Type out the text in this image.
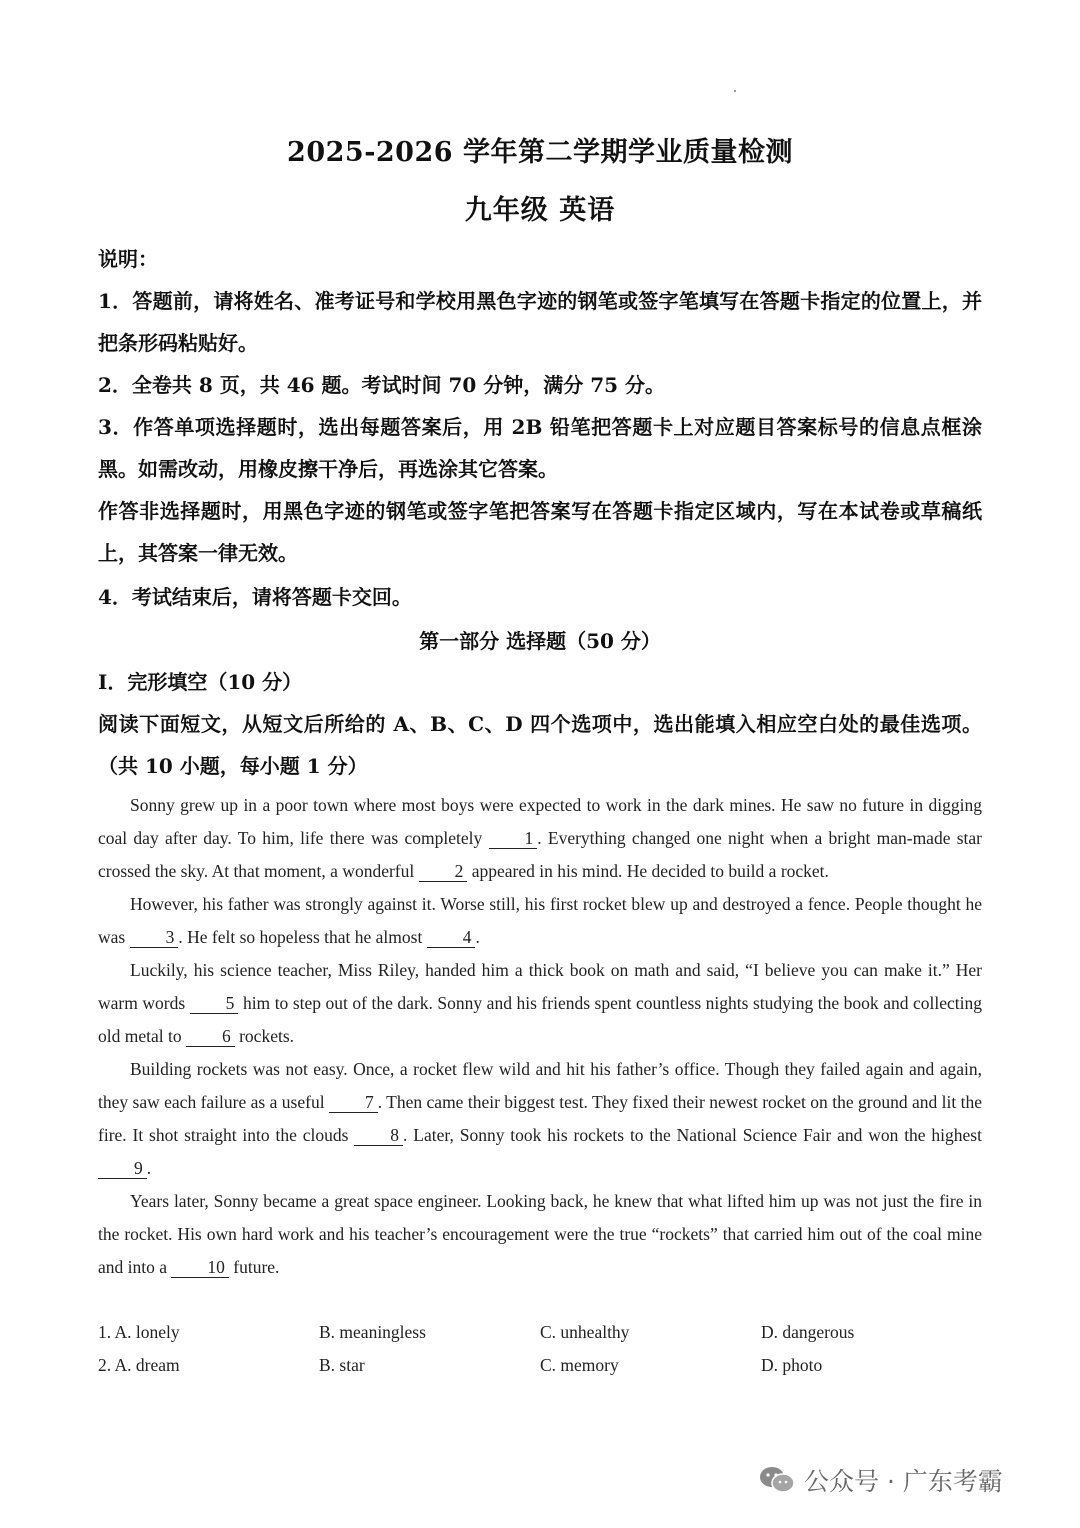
2025-2026 学年第二学期学业质量检测
九年级 英语
说明：
1．答题前，请将姓名、准考证号和学校用黑色字迹的钢笔或签字笔填写在答题卡指定的位置上，并把条形码粘贴好。
2．全卷共 8 页，共 46 题。考试时间 70 分钟，满分 75 分。
3．作答单项选择题时，选出每题答案后，用 2B 铅笔把答题卡上对应题目答案标号的信息点框涂黑。如需改动，用橡皮擦干净后，再选涂其它答案。
作答非选择题时，用黑色字迹的钢笔或签字笔把答案写在答题卡指定区域内，写在本试卷或草稿纸上，其答案一律无效。
4．考试结束后，请将答题卡交回。
第一部分 选择题（50 分）
I．完形填空（10 分）
阅读下面短文，从短文后所给的 A、B、C、D 四个选项中，选出能填入相应空白处的最佳选项。（共 10 小题，每小题 1 分）

Sonny grew up in a poor town where most boys were expected to work in the dark mines. He saw no future in digging coal day after day. To him, life there was completely 1 . Everything changed one night when a bright man-made star crossed the sky. At that moment, a wonderful 2 appeared in his mind. He decided to build a rocket.

However, his father was strongly against it. Worse still, his first rocket blew up and destroyed a fence. People thought he was 3 . He felt so hopeless that he almost 4 .

Luckily, his science teacher, Miss Riley, handed him a thick book on math and said, “I believe you can make it.” Her warm words 5 him to step out of the dark. Sonny and his friends spent countless nights studying the book and collecting old metal to 6 rockets.

Building rockets was not easy. Once, a rocket flew wild and hit his father’s office. Though they failed again and again, they saw each failure as a useful 7 . Then came their biggest test. They fixed their newest rocket on the ground and lit the fire. It shot straight into the clouds 8 . Later, Sonny took his rockets to the National Science Fair and won the highest 9 .

Years later, Sonny became a great space engineer. Looking back, he knew that what lifted him up was not just the fire in the rocket. His own hard work and his teacher’s encouragement were the true “rockets” that carried him out of the coal mine and into a 10 future.

1. A. lonely	B. meaningless	C. unhealthy	D. dangerous
2. A. dream	B. star	C. memory	D. photo
公众号 · 广东考霸
